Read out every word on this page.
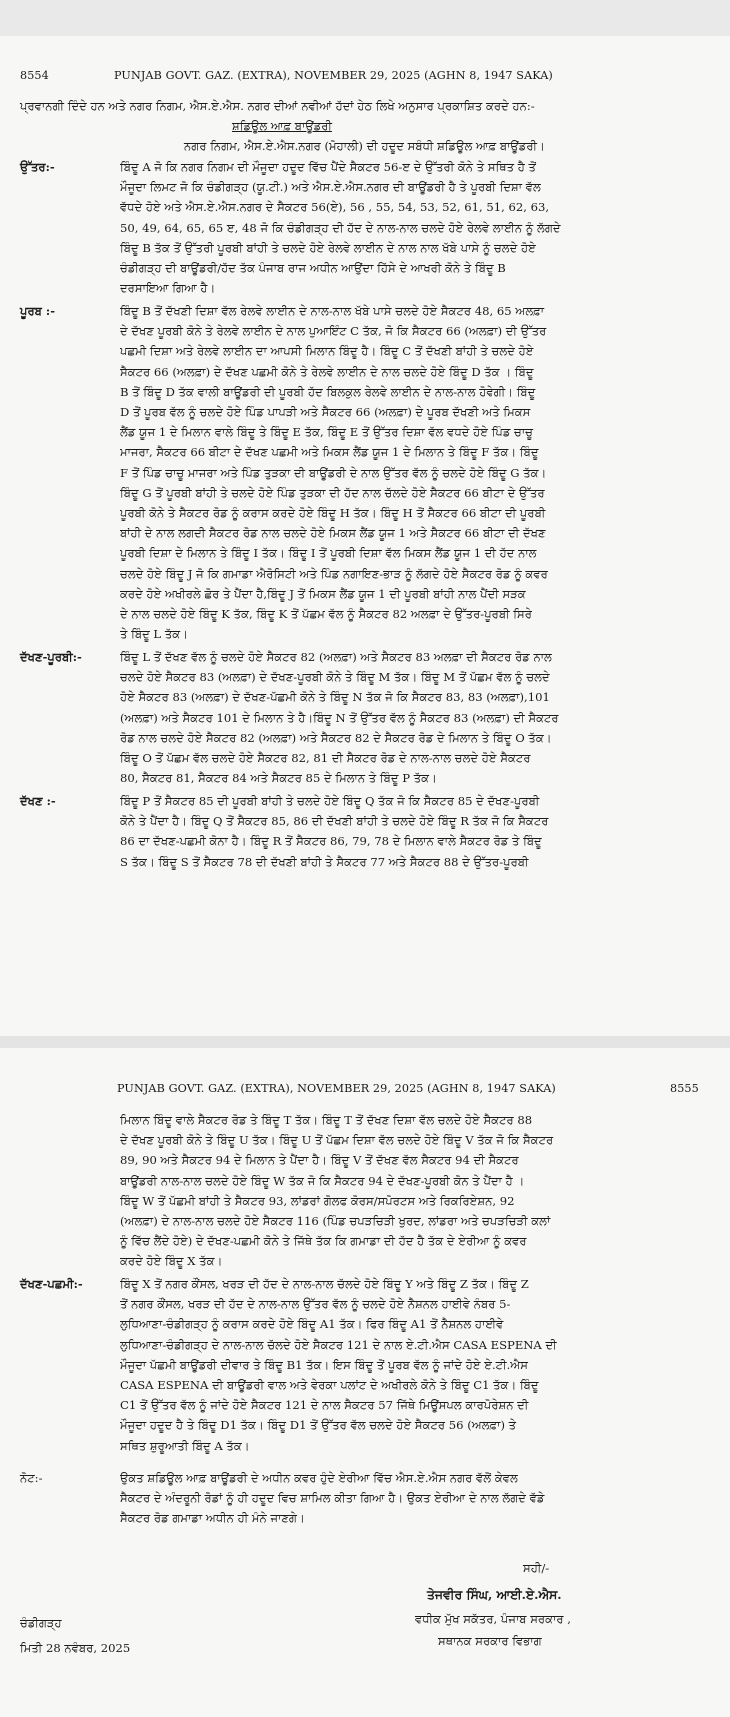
8554	PUNJAB GOVT. GAZ. (EXTRA), NOVEMBER 29, 2025 (AGHN 8, 1947 SAKA)
ਪ੍ਰਵਾਨਗੀ ਦਿੰਦੇ ਹਨ ਅਤੇ ਨਗਰ ਨਿਗਮ, ਐਸ.ਏ.ਐਸ. ਨਗਰ ਦੀਆਂ ਨਵੀਆਂ ਹੱਦਾਂ ਹੇਠ ਲਿਖੇ ਅਨੁਸਾਰ ਪ੍ਰਕਾਸ਼ਿਤ ਕਰਦੇ ਹਨ:-
ਸ਼ਡਿਊਲ ਆਫ਼ ਬਾਊਂਡਰੀ
ਨਗਰ ਨਿਗਮ, ਐਸ.ਏ.ਐਸ.ਨਗਰ (ਮੋਹਾਲੀ) ਦੀ ਹਦੂਦ ਸਬੰਧੀ ਸ਼ਡਿਊਲ ਆਫ਼ ਬਾਊਂਡਰੀ।
ਉੱਤਰ:-	ਬਿੰਦੂ A ਜੋ ਕਿ ਨਗਰ ਨਿਗਮ ਦੀ ਮੌਜੂਦਾ ਹਦੂਦ ਵਿੱਚ ਪੈਂਦੇ ਸੈਕਟਰ 56-ੲ ਦੇ ਉੱਤਰੀ ਕੋਨੇ ਤੇ ਸਥਿਤ ਹੈ ਤੋਂ
ਮੌਜੂਦਾ ਲਿਮਟ ਜੋ ਕਿ ਚੰਡੀਗੜ੍ਹ (ਯੂ.ਟੀ.) ਅਤੇ ਐਸ.ਏ.ਐਸ.ਨਗਰ ਦੀ ਬਾਊਂਡਰੀ ਹੈ ਤੇ ਪੂਰਬੀ ਦਿਸ਼ਾ ਵੱਲ
ਵੱਧਦੇ ਹੋਏ ਅਤੇ ਐਸ.ਏ.ਐਸ.ਨਗਰ ਦੇ ਸੈਕਟਰ 56(ਏ), 56 , 55, 54, 53, 52, 61, 51, 62, 63,
50, 49, 64, 65, 65 ੲ, 48 ਜੋ ਕਿ ਚੰਡੀਗੜ੍ਹ ਦੀ ਹੱਦ ਦੇ ਨਾਲ-ਨਾਲ ਚਲਦੇ ਹੋਏ ਰੇਲਵੇ ਲਾਈਨ ਨੂੰ ਲੱਗਦੇ
ਬਿੰਦੂ B ਤੱਕ ਤੋਂ ਉੱਤਰੀ ਪੂਰਬੀ ਬਾਂਹੀ ਤੇ ਚਲਦੇ ਹੋਏ ਰੇਲਵੇ ਲਾਈਨ ਦੇ ਨਾਲ ਨਾਲ ਖੱਬੇ ਪਾਸੇ ਨੂੰ ਚਲਦੇ ਹੋਏ
ਚੰਡੀਗੜ੍ਹ ਦੀ ਬਾਊਂਡਰੀ/ਹੱਦ ਤੱਕ ਪੰਜਾਬ ਰਾਜ ਅਧੀਨ ਆਉਂਦਾ ਹਿੱਸੇ ਦੇ ਆਖਰੀ ਕੋਨੇ ਤੇ ਬਿੰਦੂ B
ਦਰਸਾਇਆ ਗਿਆ ਹੈ।
ਪੂਰਬ :-	ਬਿੰਦੂ B ਤੋਂ ਦੱਖਣੀ ਦਿਸ਼ਾ ਵੱਲ ਰੇਲਵੇ ਲਾਈਨ ਦੇ ਨਾਲ-ਨਾਲ ਖੱਬੇ ਪਾਸੇ ਚਲਦੇ ਹੋਏ ਸੈਕਟਰ 48, 65 ਅਲਫ਼ਾ
ਦੇ ਦੱਖਣ ਪੂਰਬੀ ਕੋਨੇ ਤੇ ਰੇਲਵੇ ਲਾਈਨ ਦੇ ਨਾਲ ਪੁਆਇੰਟ C ਤੱਕ, ਜੋ ਕਿ ਸੈਕਟਰ 66 (ਅਲਫ਼ਾ) ਦੀ ਉੱਤਰ
ਪਛਮੀ ਦਿਸ਼ਾ ਅਤੇ ਰੇਲਵੇ ਲਾਈਨ ਦਾ ਆਪਸੀ ਮਿਲਾਨ ਬਿੰਦੂ ਹੈ। ਬਿੰਦੂ C ਤੋਂ ਦੱਖਣੀ ਬਾਂਹੀ ਤੇ ਚਲਦੇ ਹੋਏ
ਸੈਕਟਰ 66 (ਅਲਫ਼ਾ) ਦੇ ਦੱਖਣ ਪਛਮੀ ਕੋਨੇ ਤੇ ਰੇਲਵੇ ਲਾਈਨ ਦੇ ਨਾਲ ਚਲਦੇ ਹੋਏ ਬਿੰਦੂ D ਤੱਕ । ਬਿੰਦੂ
B ਤੋਂ ਬਿੰਦੂ D ਤੱਕ ਵਾਲੀ ਬਾਊਂਡਰੀ ਦੀ ਪੂਰਬੀ ਹੱਦ ਬਿਲਕੁਲ ਰੇਲਵੇ ਲਾਈਨ ਦੇ ਨਾਲ-ਨਾਲ ਹੋਵੇਗੀ। ਬਿੰਦੂ
D ਤੋਂ ਪੂਰਬ ਵੱਲ ਨੂੰ ਚਲਦੇ ਹੋਏ ਪਿੰਡ ਪਾਪੜੀ ਅਤੇ ਸੈਕਟਰ 66 (ਅਲਫ਼ਾ) ਦੇ ਪੂਰਬ ਦੱਖਣੀ ਅਤੇ ਮਿਕਸ
ਲੈਂਡ ਯੂਜ 1 ਦੇ ਮਿਲਾਨ ਵਾਲੇ ਬਿੰਦੂ ਤੇ ਬਿੰਦੂ E ਤੱਕ, ਬਿੰਦੂ E ਤੋਂ ਉੱਤਰ ਦਿਸ਼ਾ ਵੱਲ ਵਧਦੇ ਹੋਏ ਪਿੰਡ ਚਾਚੂ
ਮਾਜਰਾ, ਸੈਕਟਰ 66 ਬੀਟਾ ਦੇ ਦੱਖਣ ਪਛਮੀ ਅਤੇ ਮਿਕਸ ਲੈਂਡ ਯੂਜ 1 ਦੇ ਮਿਲਾਨ ਤੇ ਬਿੰਦੂ F ਤੱਕ। ਬਿੰਦੂ
F ਤੋਂ ਪਿੰਡ ਚਾਚੂ ਮਾਜਰਾ ਅਤੇ ਪਿੰਡ ਤੁੜਕਾ ਦੀ ਬਾਊਂਡਰੀ ਦੇ ਨਾਲ ਉੱਤਰ ਵੱਲ ਨੂੰ ਚਲਦੇ ਹੋਏ ਬਿੰਦੂ G ਤੱਕ।
ਬਿੰਦੂ G ਤੋਂ ਪੂਰਬੀ ਬਾਂਹੀ ਤੇ ਚਲਦੇ ਹੋਏ ਪਿੰਡ ਤੁੜਕਾ ਦੀ ਹੱਦ ਨਾਲ ਚੱਲਦੇ ਹੋਏ ਸੈਕਟਰ 66 ਬੀਟਾ ਦੇ ਉੱਤਰ
ਪੂਰਬੀ ਕੋਨੇ ਤੇ ਸੈਕਟਰ ਰੋਡ ਨੂੰ ਕਰਾਸ ਕਰਦੇ ਹੋਏ ਬਿੰਦੂ H ਤੱਕ। ਬਿੰਦੂ H ਤੋਂ ਸੈਕਟਰ 66 ਬੀਟਾ ਦੀ ਪੂਰਬੀ
ਬਾਂਹੀ ਦੇ ਨਾਲ ਲਗਦੀ ਸੈਕਟਰ ਰੋਡ ਨਾਲ ਚਲਦੇ ਹੋਏ ਮਿਕਸ ਲੈਂਡ ਯੂਜ 1 ਅਤੇ ਸੈਕਟਰ 66 ਬੀਟਾ ਦੀ ਦੱਖਣ
ਪੂਰਬੀ ਦਿਸ਼ਾ ਦੇ ਮਿਲਾਨ ਤੇ ਬਿੰਦੂ I ਤੱਕ। ਬਿੰਦੂ I ਤੋਂ ਪੂਰਬੀ ਦਿਸ਼ਾ ਵੱਲ ਮਿਕਸ ਲੈਂਡ ਯੂਜ 1 ਦੀ ਹੱਦ ਨਾਲ
ਚਲਦੇ ਹੋਏ ਬਿੰਦੂ J ਜੋ ਕਿ ਗਮਾਡਾ ਐਰੋਸਿਟੀ ਅਤੇ ਪਿੰਡ ਨਗਾਇਣ-ਭਾੜ ਨੂੰ ਲੱਗਦੇ ਹੋਏ ਸੈਕਟਰ ਰੋਡ ਨੂੰ ਕਵਰ
ਕਰਦੇ ਹੋਏ ਅਖੀਰਲੇ ਛੋਰ ਤੇ ਪੈਂਦਾ ਹੈ,ਬਿੰਦੂ J ਤੋਂ ਮਿਕਸ ਲੈਂਡ ਯੂਜ 1 ਦੀ ਪੂਰਬੀ ਬਾਂਹੀ ਨਾਲ ਪੈਂਦੀ ਸੜਕ
ਦੇ ਨਾਲ ਚਲਦੇ ਹੋਏ ਬਿੰਦੂ K ਤੱਕ, ਬਿੰਦੂ K ਤੋਂ ਪੱਛਮ ਵੱਲ ਨੂੰ ਸੈਕਟਰ 82 ਅਲਫ਼ਾ ਦੇ ਉੱਤਰ-ਪੂਰਬੀ ਸਿਰੇ
ਤੇ ਬਿੰਦੂ L ਤੱਕ।
ਦੱਖਣ-ਪੂਰਬੀ:-	ਬਿੰਦੂ L ਤੋਂ ਦੱਖਣ ਵੱਲ ਨੂੰ ਚਲਦੇ ਹੋਏ ਸੈਕਟਰ 82 (ਅਲਫ਼ਾ) ਅਤੇ ਸੈਕਟਰ 83 ਅਲਫ਼ਾ ਦੀ ਸੈਕਟਰ ਰੋਡ ਨਾਲ
ਚਲਦੇ ਹੋਏ ਸੈਕਟਰ 83 (ਅਲਫ਼ਾ) ਦੇ ਦੱਖਣ-ਪੂਰਬੀ ਕੋਨੇ ਤੇ ਬਿੰਦੂ M ਤੱਕ। ਬਿੰਦੂ M ਤੋਂ ਪੱਛਮ ਵੱਲ ਨੂੰ ਚਲਦੇ
ਹੋਏ ਸੈਕਟਰ 83 (ਅਲਫ਼ਾ) ਦੇ ਦੱਖਣ-ਪੱਛਮੀ ਕੋਨੇ ਤੇ ਬਿੰਦੂ N ਤੱਕ ਜੋ ਕਿ ਸੈਕਟਰ 83, 83 (ਅਲਫ਼ਾ),101
(ਅਲਫ਼ਾ) ਅਤੇ ਸੈਕਟਰ 101 ਦੇ ਮਿਲਾਨ ਤੇ ਹੈ।ਬਿੰਦੂ N ਤੋਂ ਉੱਤਰ ਵੱਲ ਨੂੰ ਸੈਕਟਰ 83 (ਅਲਫ਼ਾ) ਦੀ ਸੈਕਟਰ
ਰੋਡ ਨਾਲ ਚਲਦੇ ਹੋਏ ਸੈਕਟਰ 82 (ਅਲਫ਼ਾ) ਅਤੇ ਸੈਕਟਰ 82 ਦੇ ਸੈਕਟਰ ਰੋਡ ਦੇ ਮਿਲਾਨ ਤੇ ਬਿੰਦੂ O ਤੱਕ।
ਬਿੰਦੂ O ਤੋਂ ਪੱਛਮ ਵੱਲ ਚਲਦੇ ਹੋਏ ਸੈਕਟਰ 82, 81 ਦੀ ਸੈਕਟਰ ਰੋਡ ਦੇ ਨਾਲ-ਨਾਲ ਚਲਦੇ ਹੋਏ ਸੈਕਟਰ
80, ਸੈਕਟਰ 81, ਸੈਕਟਰ 84 ਅਤੇ ਸੈਕਟਰ 85 ਦੇ ਮਿਲਾਨ ਤੇ ਬਿੰਦੂ P ਤੱਕ।
ਦੱਖਣ :-	ਬਿੰਦੂ P ਤੋਂ ਸੈਕਟਰ 85 ਦੀ ਪੂਰਬੀ ਬਾਂਹੀ ਤੇ ਚਲਦੇ ਹੋਏ ਬਿੰਦੂ Q ਤੱਕ ਜੋ ਕਿ ਸੈਕਟਰ 85 ਦੇ ਦੱਖਣ-ਪੂਰਬੀ
ਕੋਨੇ ਤੇ ਪੈਂਦਾ ਹੈ। ਬਿੰਦੂ Q ਤੋਂ ਸੈਕਟਰ 85, 86 ਦੀ ਦੱਖਣੀ ਬਾਂਹੀ ਤੇ ਚਲਦੇ ਹੋਏ ਬਿੰਦੂ R ਤੱਕ ਜੋ ਕਿ ਸੈਕਟਰ
86 ਦਾ ਦੱਖਣ-ਪਛਮੀ ਕੋਨਾ ਹੈ। ਬਿੰਦੂ R ਤੋਂ ਸੈਕਟਰ 86, 79, 78 ਦੇ ਮਿਲਾਨ ਵਾਲੇ ਸੈਕਟਰ ਰੋਡ ਤੇ ਬਿੰਦੂ
S ਤੱਕ। ਬਿੰਦੂ S ਤੋਂ ਸੈਕਟਰ 78 ਦੀ ਦੱਖਣੀ ਬਾਂਹੀ ਤੇ ਸੈਕਟਰ 77 ਅਤੇ ਸੈਕਟਰ 88 ਦੇ ਉੱਤਰ-ਪੂਰਬੀ
PUNJAB GOVT. GAZ. (EXTRA), NOVEMBER 29, 2025 (AGHN 8, 1947 SAKA)	8555
ਮਿਲਾਨ ਬਿੰਦੂ ਵਾਲੇ ਸੈਕਟਰ ਰੋਡ ਤੇ ਬਿੰਦੂ T ਤੱਕ। ਬਿੰਦੂ T ਤੋਂ ਦੱਖਣ ਦਿਸ਼ਾ ਵੱਲ ਚਲਦੇ ਹੋਏ ਸੈਕਟਰ 88
ਦੇ ਦੱਖਣ ਪੂਰਬੀ ਕੋਨੇ ਤੇ ਬਿੰਦੂ U ਤੱਕ। ਬਿੰਦੂ U ਤੋਂ ਪੱਛਮ ਦਿਸ਼ਾ ਵੱਲ ਚਲਦੇ ਹੋਏ ਬਿੰਦੂ V ਤੱਕ ਜੋ ਕਿ ਸੈਕਟਰ
89, 90 ਅਤੇ ਸੈਕਟਰ 94 ਦੇ ਮਿਲਾਨ ਤੇ ਪੈਂਦਾ ਹੈ। ਬਿੰਦੂ V ਤੋਂ ਦੱਖਣ ਵੱਲ ਸੈਕਟਰ 94 ਦੀ ਸੈਕਟਰ
ਬਾਊਂਡਰੀ ਨਾਲ-ਨਾਲ ਚਲਦੇ ਹੋਏ ਬਿੰਦੂ W ਤੱਕ ਜੋ ਕਿ ਸੈਕਟਰ 94 ਦੇ ਦੱਖਣ-ਪੂਰਬੀ ਕੋਨ ਤੇ ਪੈਂਦਾ ਹੈ ।
ਬਿੰਦੂ W ਤੋਂ ਪੱਛਮੀ ਬਾਂਹੀ ਤੇ ਸੈਕਟਰ 93, ਲਾਂਡਰਾਂ ਗੋਲਫ ਕੋਰਸ/ਸਪੋਰਟਸ ਅਤੇ ਰਿਕਰਿਏਸ਼ਨ, 92
(ਅਲਫ਼ਾ) ਦੇ ਨਾਲ-ਨਾਲ ਚਲਦੇ ਹੋਏ ਸੈਕਟਰ 116 (ਪਿੰਡ ਚਪੜਚਿੜੀ ਖੁਰਦ, ਲਾਂਡਰਾ ਅਤੇ ਚਪੜਚਿੜੀ ਕਲਾਂ
ਨੂੰ ਵਿੱਚ ਲੈਂਦੇ ਹੋਏ) ਦੇ ਦੱਖਣ-ਪਛਮੀ ਕੋਨੇ ਤੇ ਜਿੱਥੇ ਤੱਕ ਕਿ ਗਮਾਡਾ ਦੀ ਹੱਦ ਹੈ ਤੱਕ ਦੇ ਏਰੀਆ ਨੂੰ ਕਵਰ
ਕਰਦੇ ਹੋਏ ਬਿੰਦੂ X ਤੱਕ।
ਦੱਖਣ-ਪਛਮੀ:-	ਬਿੰਦੂ X ਤੋਂ ਨਗਰ ਕੌਂਸਲ, ਖਰੜ ਦੀ ਹੱਦ ਦੇ ਨਾਲ-ਨਾਲ ਚੱਲਦੇ ਹੋਏ ਬਿੰਦੂ Y ਅਤੇ ਬਿੰਦੂ Z ਤੱਕ। ਬਿੰਦੂ Z
ਤੋਂ ਨਗਰ ਕੌਂਸਲ, ਖਰੜ ਦੀ ਹੱਦ ਦੇ ਨਾਲ-ਨਾਲ ਉੱਤਰ ਵੱਲ ਨੂੰ ਚਲਦੇ ਹੋਏ ਨੈਸ਼ਨਲ ਹਾਈਵੇ ਨੰਬਰ 5-
ਲੁਧਿਆਣਾ-ਚੰਡੀਗੜ੍ਹ ਨੂੰ ਕਰਾਸ ਕਰਦੇ ਹੋਏ ਬਿੰਦੂ A1 ਤੱਕ। ਫਿਰ ਬਿੰਦੂ A1 ਤੋਂ ਨੈਸ਼ਨਲ ਹਾਈਵੇ
ਲੁਧਿਆਣਾ-ਚੰਡੀਗੜ੍ਹ ਦੇ ਨਾਲ-ਨਾਲ ਚੱਲਦੇ ਹੋਏ ਸੈਕਟਰ 121 ਦੇ ਨਾਲ ਏ.ਟੀ.ਐਸ CASA ESPENA ਦੀ
ਮੌਜੂਦਾ ਪੱਛਮੀ ਬਾਊਂਡਰੀ ਦੀਵਾਰ ਤੇ ਬਿੰਦੂ B1 ਤੱਕ। ਇਸ ਬਿੰਦੂ ਤੋਂ ਪੂਰਬ ਵੱਲ ਨੂੰ ਜਾਂਦੇ ਹੋਏ ਏ.ਟੀ.ਐਸ
CASA ESPENA ਦੀ ਬਾਊਂਡਰੀ ਵਾਲ ਅਤੇ ਵੇਰਕਾ ਪਲਾਂਟ ਦੇ ਅਖੀਰਲੇ ਕੋਨੇ ਤੇ ਬਿੰਦੂ C1 ਤੱਕ। ਬਿੰਦੂ
C1 ਤੋਂ ਉੱਤਰ ਵੱਲ ਨੂੰ ਜਾਂਦੇ ਹੋਏ ਸੈਕਟਰ 121 ਦੇ ਨਾਲ ਸੈਕਟਰ 57 ਜਿੱਥੇ ਮਿਊਂਸਪਲ ਕਾਰਪੋਰੇਸ਼ਨ ਦੀ
ਮੌਜੂਦਾ ਹਦੂਦ ਹੈ ਤੇ ਬਿੰਦੂ D1 ਤੱਕ। ਬਿੰਦੂ D1 ਤੋਂ ਉੱਤਰ ਵੱਲ ਚਲਦੇ ਹੋਏ ਸੈਕਟਰ 56 (ਅਲਫ਼ਾ) ਤੇ
ਸਥਿਤ ਸ਼ੁਰੂਆਤੀ ਬਿੰਦੂ A ਤੱਕ।
ਨੋਟ:-	ਉਕਤ ਸ਼ਡਿਊਲ ਆਫ਼ ਬਾਊਂਡਰੀ ਦੇ ਅਧੀਨ ਕਵਰ ਹੁੰਦੇ ਏਰੀਆ ਵਿੱਚ ਐਸ.ਏ.ਐਸ ਨਗਰ ਵੱਲੋਂ ਕੇਵਲ
ਸੈਕਟਰ ਦੇ ਅੰਦਰੂਨੀ ਰੋਡਾਂ ਨੂੰ ਹੀ ਹਦੂਦ ਵਿਚ ਸ਼ਾਮਿਲ ਕੀਤਾ ਗਿਆ ਹੈ। ਉਕਤ ਏਰੀਆ ਦੇ ਨਾਲ ਲੱਗਦੇ ਵੱਡੇ
ਸੈਕਟਰ ਰੋਡ ਗਮਾਡਾ ਅਧੀਨ ਹੀ ਮੰਨੇ ਜਾਣਗੇ।
ਸਹੀ/-
ਤੇਜਵੀਰ ਸਿੰਘ, ਆਈ.ਏ.ਐਸ.
ਵਧੀਕ ਮੁੱਖ ਸਕੱਤਰ, ਪੰਜਾਬ ਸਰਕਾਰ ,
ਸਥਾਨਕ ਸਰਕਾਰ ਵਿਭਾਗ
ਚੰਡੀਗੜ੍ਹ
ਮਿਤੀ 28 ਨਵੰਬਰ, 2025
